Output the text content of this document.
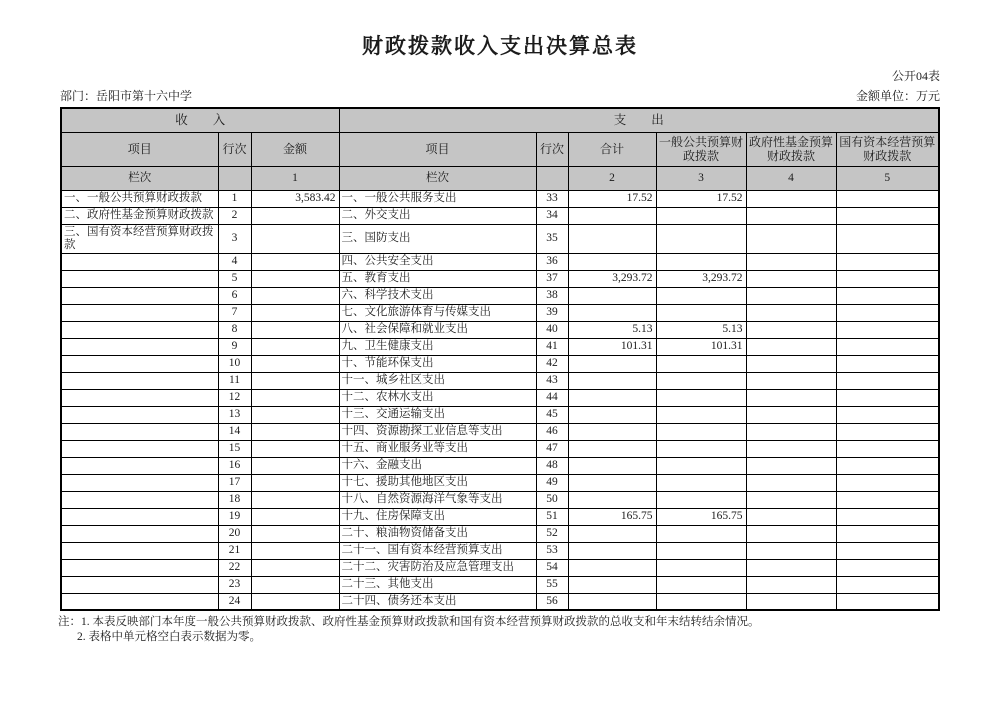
财政拨款收入支出决算总表
公开04表
部门：岳阳市第十六中学	金额单位：万元
收　　入			支　　出					
项目	行次	金额	项目	行次	合计	一般公共预算财政拨款	政府性基金预算财政拨款	国有资本经营预算财政拨款
栏次		1	栏次		2	3	4	5
一、一般公共预算财政拨款	1	3,583.42	一、一般公共服务支出	33	17.52	17.52		
二、政府性基金预算财政拨款	2		二、外交支出	34				
三、国有资本经营预算财政拨款	3		三、国防支出	35				
	4		四、公共安全支出	36				
	5		五、教育支出	37	3,293.72	3,293.72		
	6		六、科学技术支出	38				
	7		七、文化旅游体育与传媒支出	39				
	8		八、社会保障和就业支出	40	5.13	5.13		
	9		九、卫生健康支出	41	101.31	101.31		
	10		十、节能环保支出	42				
	11		十一、城乡社区支出	43				
	12		十二、农林水支出	44				
	13		十三、交通运输支出	45				
	14		十四、资源勘探工业信息等支出	46				
	15		十五、商业服务业等支出	47				
	16		十六、金融支出	48				
	17		十七、援助其他地区支出	49				
	18		十八、自然资源海洋气象等支出	50				
	19		十九、住房保障支出	51	165.75	165.75		
	20		二十、粮油物资储备支出	52				
	21		二十一、国有资本经营预算支出	53				
	22		二十二、灾害防治及应急管理支出	54				
	23		二十三、其他支出	55				
	24		二十四、债务还本支出	56				
注：1. 本表反映部门本年度一般公共预算财政拨款、政府性基金预算财政拨款和国有资本经营预算财政拨款的总收支和年末结转结余情况。
2. 表格中单元格空白表示数据为零。
